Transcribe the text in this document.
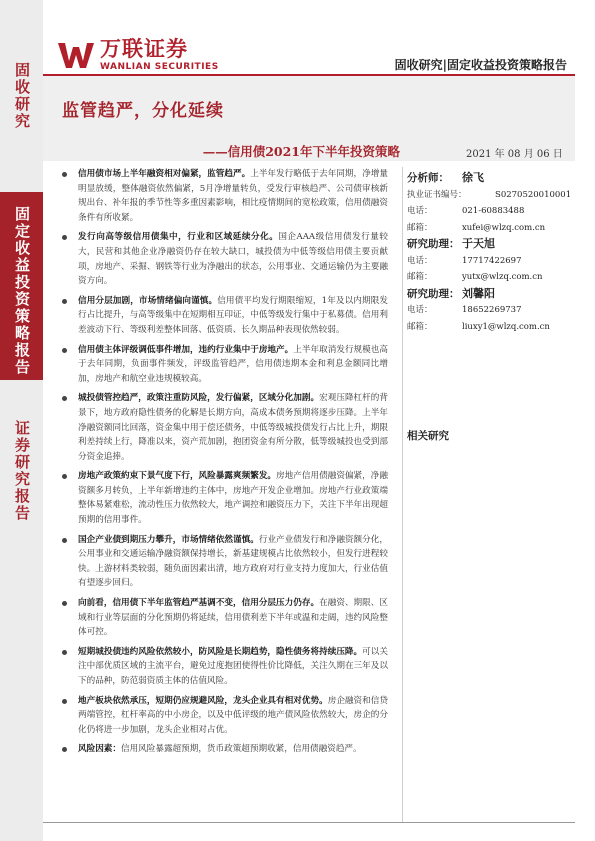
固收研究
固定收益投资策略报告
证券研究报告
万联证券
WANLIAN SECURITIES	固收研究|固定收益投资策略报告
监管趋严，分化延续
——信用债2021年下半年投资策略	2021 年 08 月 06 日
信用债市场上半年融资相对偏紧，监管趋严。上半年发行略低于去年同期，净增量明显放缓，整体融资依然偏紧，5月净增量转负，受发行审核趋严、公司债审核新规出台、补年报的季节性等多重因素影响，相比疫情期间的宽松政策，信用债融资条件有所收紧。
发行向高等级信用债集中，行业和区域延续分化。国企AAA级信用债发行量较大，民营和其他企业净融资仍存在较大缺口，城投债为中低等级信用债主要贡献项，房地产、采掘、钢铁等行业为净融出的状态，公用事业、交通运输仍为主要融资方向。
信用分层加剧，市场情绪偏向谨慎。信用债平均发行期限缩短，1年及以内期限发行占比提升，与高等级集中在短期相互印证，中低等级发行集中于私募债。信用利差波动下行、等级利差整体回落、低资质、长久期品种表现依然较弱。
信用债主体评级调低事件增加，违约行业集中于房地产。上半年取消发行规模也高于去年同期，负面事件频发，评级监管趋严，信用债违期本金和利息金额同比增加，房地产和航空业违规模较高。
城投债管控趋严，政策注重防风险，发行偏紧，区域分化加剧。宏观压降杠杆的背景下，地方政府隐性债务的化解是长期方向，高成本债务预期将逐步压降。上半年净融资额同比回落，资金集中用于偿还债务，中低等级城投债发行占比上升，期限利差持续上行，降准以来，资产荒加剧，抱团资金有所分散，低等级城投也受到部分资金追捧。
房地产政策約束下景气度下行，风险暴露爽频繁发。房地产信用债融资偏紧，净融资额多月转负，上半年新增违约主体中，房地产开发企业增加。房地产行业政策端整体易紧难松，流动性压力依然较大，地产调控和融资压力下，关注下半年出现超预期的信用事件。
国企产业债到期压力攀升，市场情绪依然谨慎。行业产业债发行和净融资额分化，公用事业和交通运输净融资额保持增长，新基建规模占比依然较小，但发行进程较快。上游材料类较弱，随负面因素出清，地方政府对行业支持力度加大，行业估值有望逐步回归。
向前看，信用债下半年监管趋严基调不变，信用分层压力仍存。在融资、期限、区域和行业等层面的分化预期仍将延续，信用债利差下半年或温和走阔，违约风险整体可控。
短期城投债违约风险依然较小，防风险是长期趋势，隐性债务将持续压降。可以关注中部优质区域的主流平台，避免过度抱团使得性价比降低，关注久期在三年及以下的品种，防范弱资质主体的估值风险。
地产板块依然承压，短期仍应规避风险，龙头企业具有相对优势。房企融资和信贷两端管控，杠杆率高的中小房企，以及中低评级的地产债风险依然较大，房企的分化仍将进一步加剧，龙头企业相对占优。
风险因素：信用风险暴露超预期，货币政策超预期收紧，信用债融资趋严。
分析师：	徐飞
执业证书编号：	S0270520010001
电话：	021-60883488
邮箱：	xufei@wlzq.com.cn
研究助理： 于天旭
电话：	17717422697
邮箱：	yutx@wlzq.com.cn
研究助理： 刘馨阳
电话：	18652269737
邮箱：	liuxy1@wlzq.com.cn
相关研究
